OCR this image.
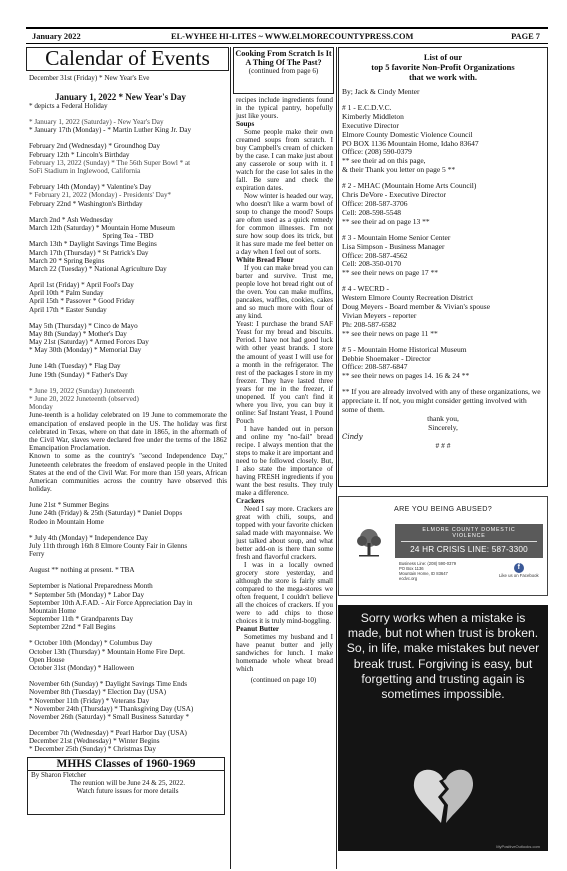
January 2022	EL-WYHEE HI-LITES ~ WWW.ELMORECOUNTYPRESS.COM	PAGE 7
Calendar of Events
December 31st (Friday) * New Year's Eve
January 1, 2022 * New Year's Day
* depicts a Federal Holiday
* January 1, 2022 (Saturday) - New Year's Day
* January 17th (Monday) - * Martin Luther King Jr. Day
February 2nd (Wednesday) * Groundhog Day
February 12th * Lincoln's Birthday
February 13, 2022 (Sunday) * The 56th Super Bowl * at
SoFi Stadium in Inglewood, California
February 14th (Monday) * Valentine's Day
* February 21, 2022 (Monday) - Presidents' Day*
February 22nd * Washington's Birthday
March 2nd * Ash Wednesday
March 12th (Saturday) * Mountain Home Museum
Spring Tea - TBD
March 13th * Daylight Savings Time Begins
March 17th (Thursday) * St Patrick's Day
March 20 * Spring Begins
March 22 (Tuesday) * National Agriculture Day
April 1st (Friday) * April Fool's Day
April 10th * Palm Sunday
April 15th * Passover * Good Friday
April 17th * Easter Sunday
May 5th (Thursday) * Cinco de Mayo
May 8th (Sunday) * Mother's Day
May 21st (Saturday) * Armed Forces Day
* May 30th (Monday) * Memorial Day
June 14th (Tuesday) * Flag Day
June 19th (Sunday) * Father's Day
* June 19, 2022 (Sunday) Juneteenth
* June 20, 2022 Juneteenth (observed)
Monday
June-teenth is a holiday celebrated on 19 June to commemorate the emancipation of enslaved people in the US. The holiday was first celebrated in Texas, where on that date in 1865, in the aftermath of the Civil War, slaves were declared free under the terms of the 1862 Emancipation Proclamation.
Known to some as the country's "second Independence Day," Juneteenth celebrates the freedom of enslaved people in the United States at the end of the Civil War. For more than 150 years, African American communities across the country have observed this holiday.
June 21st * Summer Begins
June 24th (Friday) & 25th (Saturday) * Daniel Dopps
Rodeo in Mountain Home
* July 4th (Monday) * Independence Day
July 11th through 16th 8 Elmore County Fair in Glenns
Ferry
August ** nothing at present. * TBA
September is National Preparedness Month
* September 5th (Monday) * Labor Day
September 10th A.F.AD. - Air Force Appreciation Day in
Mountain Home
September 11th * Grandparents Day
September 22nd * Fall Begins
* October 10th (Monday) * Columbus Day
October 13th (Thursday) * Mountain Home Fire Dept.
Open House
October 31st (Monday) * Halloween
November 6th (Sunday) * Daylight Savings Time Ends
November 8th (Tuesday) * Election Day (USA)
* November 11th (Friday) * Veterans Day
* November 24th (Thursday) * Thanksgiving Day (USA)
November 26th (Saturday) * Small Business Saturday *
December 7th (Wednesday) * Pearl Harbor Day (USA)
December 21st (Wednesday) * Winter Begins
* December 25th (Sunday) * Christmas Day
MHHS Classes of 1960-1969

By Sharon Fletcher

The reunion will be June 24 & 25, 2022.

Watch future issues for more details

Cooking From Scratch Is It A Thing Of The Past?
(continued from page 6)
recipes include ingredients found in the typical pantry, hopefully just like yours.
Soups
Some people make their own creamed soups from scratch. I buy Campbell's cream of chicken by the case. I can make just about any casserole or soup with it. I watch for the case lot sales in the fall. Be sure and check the expiration dates.
Now winter is headed our way, who doesn't like a warm bowl of soup to change the mood? Soups are often used as a quick remedy for common illnesses. I'm not sure how soup does its trick, but it has sure made me feel better on a day when I feel out of sorts.
White Bread Flour
If you can make bread you can barter and survive. Trust me, people love hot bread right out of the oven. You can make muffins, pancakes, waffles, cookies, cakes and so much more with flour of any kind.
Yeast: I purchase the brand SAF Yeast for my bread and biscuits. Period. I have not had good luck with other yeast brands. I store the amount of yeast I will use for a month in the refrigerator. The rest of the packages I store in my freezer. They have lasted three years for me in the freezer, if unopened. If you can't find it where you live, you can buy it online: Saf Instant Yeast, 1 Pound Pouch
I have handed out in person and online my "no-fail" bread recipe. I always mention that the steps to make it are important and need to be followed closely. But, I also state the importance of having FRESH ingredients if you want the best results. They truly make a difference.
Crackers
Need I say more. Crackers are great with chili, soups, and topped with your favorite chicken salad made with mayonnaise. We just talked about soup, and what better add-on is there than some fresh and flavorful crackers.
I was in a locally owned grocery store yesterday, and although the store is fairly small compared to the mega-stores we often frequent, I couldn't believe all the choices of crackers. If you were to add chips to those choices it is truly mind-boggling.
Peanut Butter
Sometimes my husband and I have peanut butter and jelly sandwiches for lunch. I make homemade whole wheat bread which
(continued on page 10)
List of our
top 5 favorite Non-Profit Organizations
that we work with.
By; Jack & Cindy Menter
# 1 - E.C.D.V.C.
Kimberly Middleton
Executive Director
Elmore County Domestic Violence Council
PO BOX 1136 Mountain Home, Idaho 83647
Office: (208) 590-0379
** see their ad on this page,
& their Thank you letter on page 5 **
# 2 - MHAC (Mountain Home Arts Council)
Chris DeVore - Executive Director
Office: 208-587-3706
Cell: 208-598-5548
** see their ad on page 13 **
# 3 - Mountain Home Senior Center
Lisa Simpson - Business Manager
Office: 208-587-4562
Cell: 208-350-0170
** see their news on page 17 **
# 4 - WECRD -
Western Elmore County Recreation District
Doug Meyers - Board member & Vivian's spouse
Vivian Meyers - reporter
Ph: 208-587-6582
** see their news on page 11 **
# 5 - Mountain Home Historical Museum
Debbie Shoemaker - Director
Office: 208-587-6847
** see their news on pages 14. 16 & 24 **
** If you are already involved with any of these organizations, we appreciate it. If not, you might consider getting involved with some of them.
thank you,
Sincerely,
Cindy
# # #
ARE YOU BEING ABUSED?
ELMORE COUNTY DOMESTIC
VIOLENCE
24 HR CRISIS LINE: 587-3300
Business Line: (208) 590-0379
PO Box 1136
Mountain Home, ID 83647
ecdvc.org
f
Like us on Facebook
Sorry works when a mistake is made, but not when trust is broken. So, in life, make mistakes but never break trust. Forgiving is easy, but forgetting and trusting again is sometimes impossible.
MyPositiveOutlooks.com
